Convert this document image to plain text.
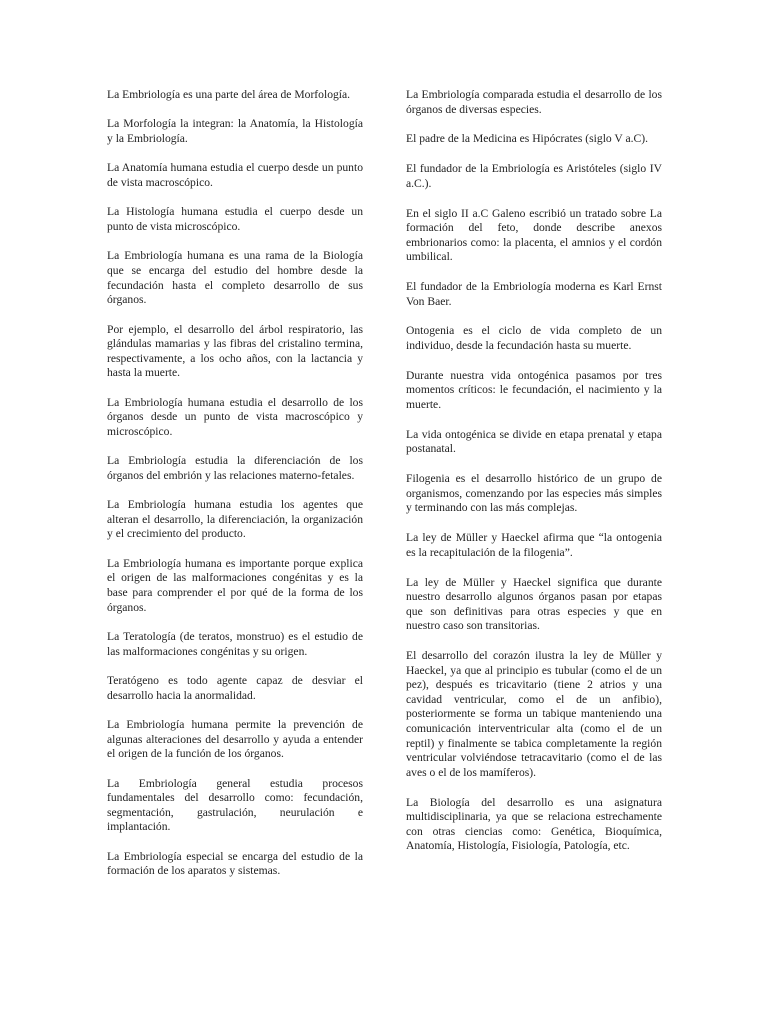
La Embriología es una parte del área de Morfología.

La Morfología la integran: la Anatomía, la Histología y la Embriología.

La Anatomía humana estudia el cuerpo desde un punto de vista macroscópico.

La Histología humana estudia el cuerpo desde un punto de vista microscópico.

La Embriología humana es una rama de la Biología que se encarga del estudio del hombre desde la fecundación hasta el completo desarrollo de sus órganos.

Por ejemplo, el desarrollo del árbol respiratorio, las glándulas mamarias y las fibras del cristalino termina, respectivamente, a los ocho años, con la lactancia y hasta la muerte.

La Embriología humana estudia el desarrollo de los órganos desde un punto de vista macroscópico y microscópico.

La Embriología estudia la diferenciación de los órganos del embrión y las relaciones materno-fetales.

La Embriología humana estudia los agentes que alteran el desarrollo, la diferenciación, la organización y el crecimiento del producto.

La Embriología humana es importante porque explica el origen de las malformaciones congénitas y es la base para comprender el por qué de la forma de los órganos.

La Teratología (de teratos, monstruo) es el estudio de las malformaciones congénitas y su origen.

Teratógeno es todo agente capaz de desviar el desarrollo hacia la anormalidad.

La Embriología humana permite la prevención de algunas alteraciones del desarrollo y ayuda a entender el origen de la función de los órganos.

La Embriología general estudia procesos fundamentales del desarrollo como: fecundación, segmentación, gastrulación, neurulación e implantación.

La Embriología especial se encarga del estudio de la formación de los aparatos y sistemas.

La Embriología comparada estudia el desarrollo de los órganos de diversas especies.

El padre de la Medicina es Hipócrates (siglo V a.C).

El fundador de la Embriología es Aristóteles (siglo IV a.C.).

En el siglo II a.C Galeno escribió un tratado sobre La formación del feto, donde describe anexos embrionarios como: la placenta, el amnios y el cordón umbilical.

El fundador de la Embriología moderna es Karl Ernst Von Baer.

Ontogenia es el ciclo de vida completo de un individuo, desde la fecundación hasta su muerte.

Durante nuestra vida ontogénica pasamos por tres momentos críticos: le fecundación, el nacimiento y la muerte.

La vida ontogénica se divide en etapa prenatal y etapa postanatal.

Filogenia es el desarrollo histórico de un grupo de organismos, comenzando por las especies más simples y terminando con las más complejas.

La ley de Müller y Haeckel afirma que “la ontogenia es la recapitulación de la filogenia”.

La ley de Müller y Haeckel significa que durante nuestro desarrollo algunos órganos pasan por etapas que son definitivas para otras especies y que en nuestro caso son transitorias.

El desarrollo del corazón ilustra la ley de Müller y Haeckel, ya que al principio es tubular (como el de un pez), después es tricavitario (tiene 2 atrios y una cavidad ventricular, como el de un anfibio), posteriormente se forma un tabique manteniendo una comunicación interventricular alta (como el de un reptil) y finalmente se tabica completamente la región ventricular volviéndose tetracavitario (como el de las aves o el de los mamíferos).

La Biología del desarrollo es una asignatura multidisciplinaria, ya que se relaciona estrechamente con otras ciencias como: Genética, Bioquímica, Anatomía, Histología, Fisiología, Patología, etc.
